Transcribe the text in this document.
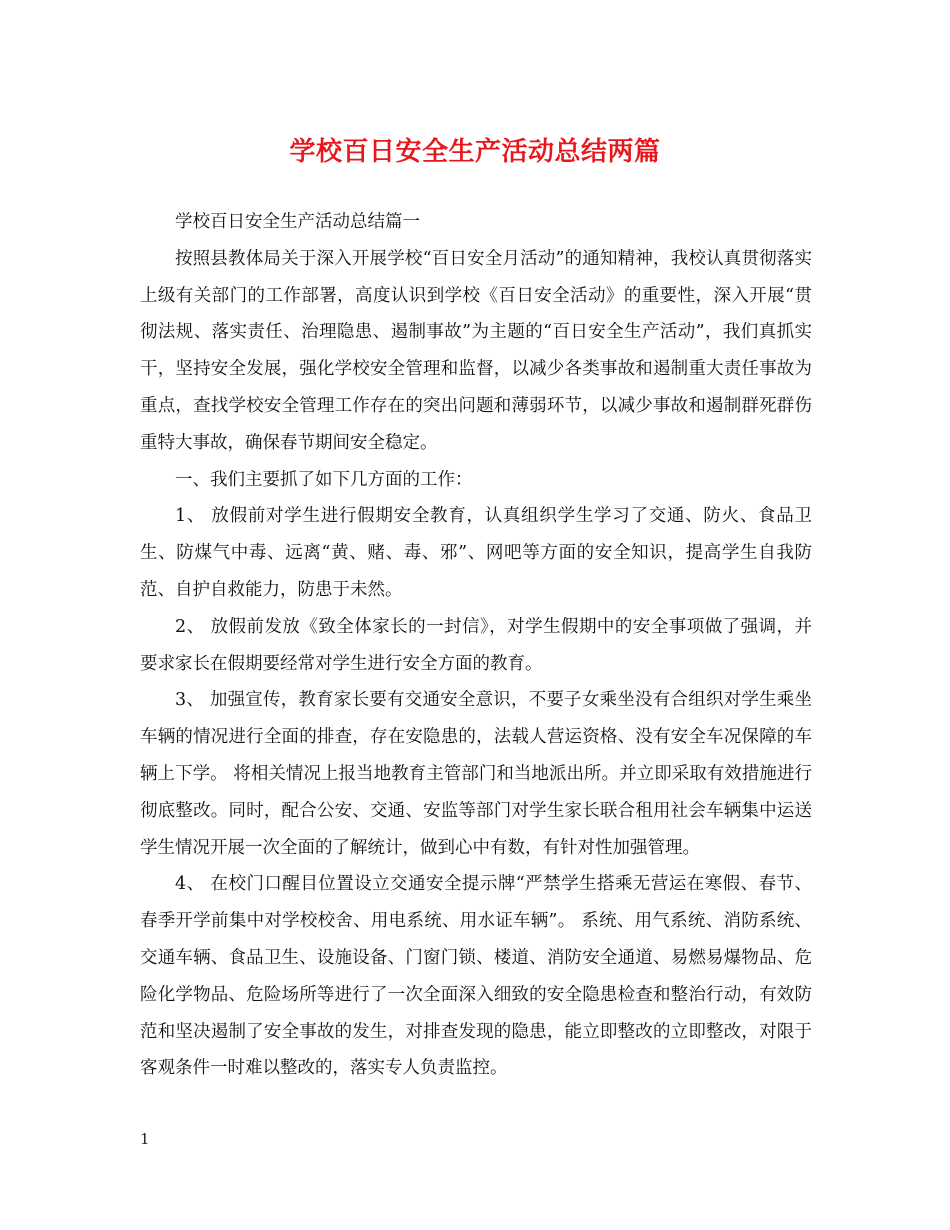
学校百日安全生产活动总结两篇

学校百日安全生产活动总结篇一

按照县教体局关于深入开展学校“百日安全月活动”的通知精神，我校认真贯彻落实上级有关部门的工作部署，高度认识到学校《百日安全活动》的重要性，深入开展“贯彻法规、落实责任、治理隐患、遏制事故”为主题的“百日安全生产活动”，我们真抓实干，坚持安全发展，强化学校安全管理和监督，以减少各类事故和遏制重大责任事故为重点，查找学校安全管理工作存在的突出问题和薄弱环节，以减少事故和遏制群死群伤重特大事故，确保春节期间安全稳定。

一、我们主要抓了如下几方面的工作：

1、 放假前对学生进行假期安全教育，认真组织学生学习了交通、防火、食品卫生、防煤气中毒、远离“黄、赌、毒、邪”、网吧等方面的安全知识，提高学生自我防范、自护自救能力，防患于未然。

2、 放假前发放《致全体家长的一封信》，对学生假期中的安全事项做了强调，并要求家长在假期要经常对学生进行安全方面的教育。

3、 加强宣传，教育家长要有交通安全意识，不要子女乘坐没有合组织对学生乘坐车辆的情况进行全面的排查，存在安隐患的，法载人营运资格、没有安全车况保障的车辆上下学。 将相关情况上报当地教育主管部门和当地派出所。并立即采取有效措施进行彻底整改。同时，配合公安、交通、安监等部门对学生家长联合租用社会车辆集中运送学生情况开展一次全面的了解统计，做到心中有数，有针对性加强管理。

4、 在校门口醒目位置设立交通安全提示牌“严禁学生搭乘无营运在寒假、春节、春季开学前集中对学校校舍、用电系统、用水证车辆”。 系统、用气系统、消防系统、交通车辆、食品卫生、设施设备、门窗门锁、楼道、消防安全通道、易燃易爆物品、危险化学物品、危险场所等进行了一次全面深入细致的安全隐患检查和整治行动，有效防范和坚决遏制了安全事故的发生，对排查发现的隐患，能立即整改的立即整改，对限于客观条件一时难以整改的，落实专人负责监控。

1
